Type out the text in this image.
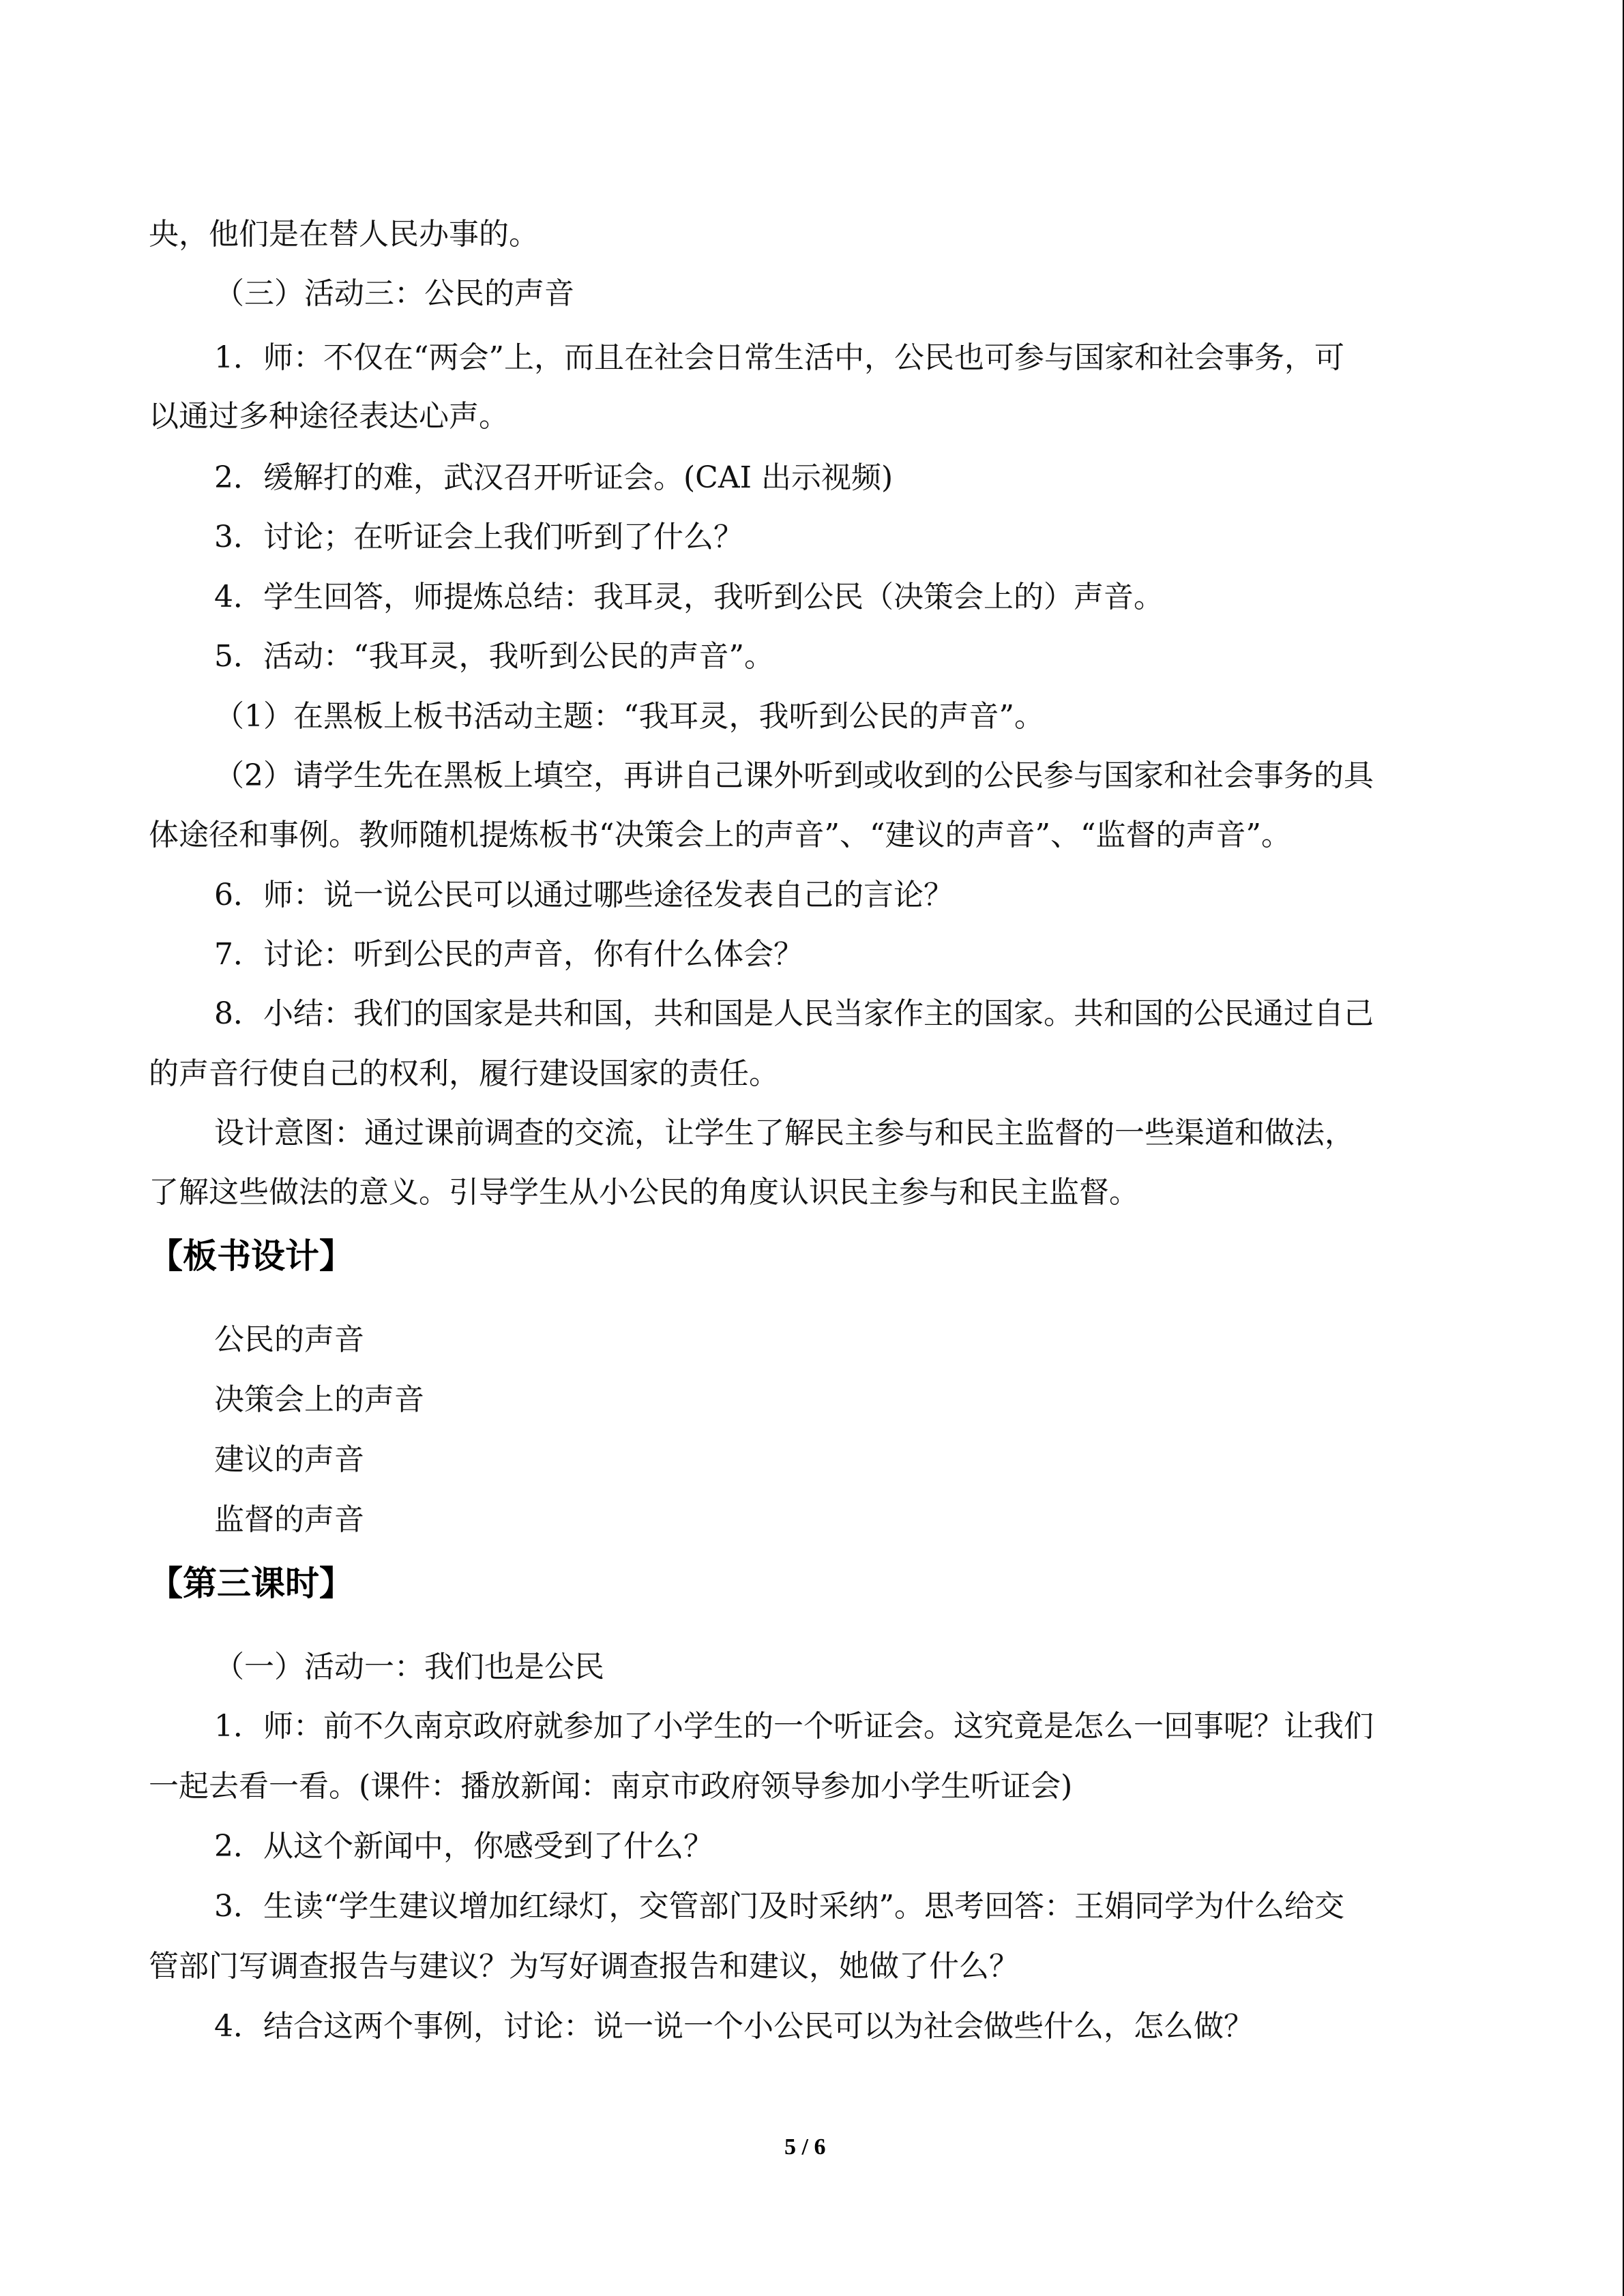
央，他们是在替人民办事的。
（三）活动三：公民的声音
1．师：不仅在“两会”上，而且在社会日常生活中，公民也可参与国家和社会事务，可
以通过多种途径表达心声。
2．缓解打的难，武汉召开听证会。(CAI 出示视频)
3．讨论；在听证会上我们听到了什么？
4．学生回答，师提炼总结：我耳灵，我听到公民（决策会上的）声音。
5．活动：“我耳灵，我听到公民的声音”。
（1）在黑板上板书活动主题：“我耳灵，我听到公民的声音”。
（2）请学生先在黑板上填空，再讲自己课外听到或收到的公民参与国家和社会事务的具
体途径和事例。教师随机提炼板书“决策会上的声音”、“建议的声音”、“监督的声音”。
6．师：说一说公民可以通过哪些途径发表自己的言论？
7．讨论：听到公民的声音，你有什么体会？
8．小结：我们的国家是共和国，共和国是人民当家作主的国家。共和国的公民通过自己
的声音行使自己的权利，履行建设国家的责任。
设计意图：通过课前调查的交流，让学生了解民主参与和民主监督的一些渠道和做法，
了解这些做法的意义。引导学生从小公民的角度认识民主参与和民主监督。
【板书设计】
公民的声音
决策会上的声音
建议的声音
监督的声音
【第三课时】
（一）活动一：我们也是公民
1．师：前不久南京政府就参加了小学生的一个听证会。这究竟是怎么一回事呢？让我们
一起去看一看。(课件：播放新闻：南京市政府领导参加小学生听证会)
2．从这个新闻中，你感受到了什么？
3．生读“学生建议增加红绿灯，交管部门及时采纳”。思考回答：王娟同学为什么给交
管部门写调查报告与建议？为写好调查报告和建议，她做了什么？
4．结合这两个事例，讨论：说一说一个小公民可以为社会做些什么，怎么做？
5 / 6
